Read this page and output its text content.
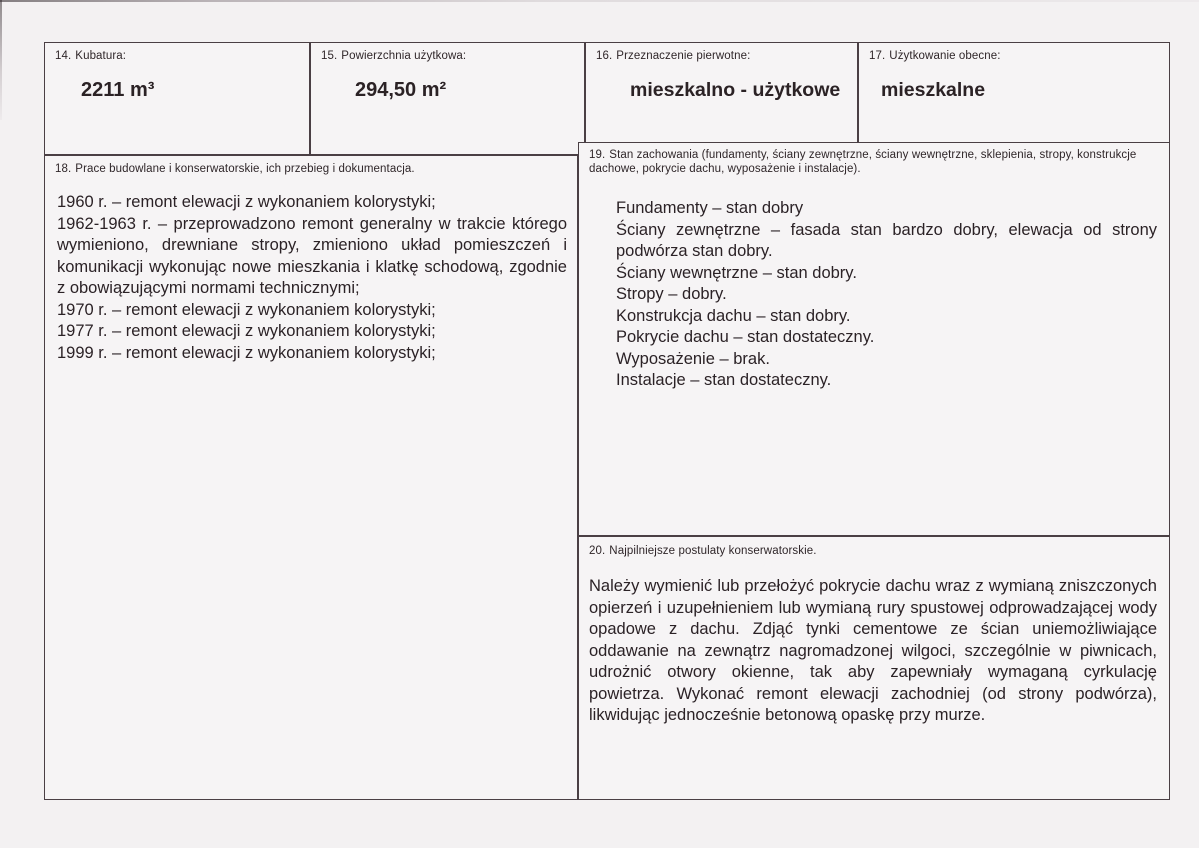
14. Kubatura:
2211 m³
15. Powierzchnia użytkowa:
294,50 m²
16. Przeznaczenie pierwotne:
mieszkalno - użytkowe
17. Użytkowanie obecne:
mieszkalne
18. Prace budowlane i konserwatorskie, ich przebieg i dokumentacja.

1960 r. – remont elewacji z wykonaniem kolorystyki;

1962-1963 r. – przeprowadzono remont generalny w trakcie którego wymieniono, drewniane stropy, zmieniono układ pomieszczeń i komunikacji wykonując nowe mieszkania i klatkę schodową, zgodnie z obowiązującymi normami technicznymi;

1970 r. – remont elewacji z wykonaniem kolorystyki;

1977 r. – remont elewacji z wykonaniem kolorystyki;

1999 r. – remont elewacji z wykonaniem kolorystyki;

19. Stan zachowania (fundamenty, ściany zewnętrzne, ściany wewnętrzne, sklepienia, stropy, konstrukcje dachowe, pokrycie dachu, wyposażenie i instalacje).

Fundamenty – stan dobry

Ściany zewnętrzne – fasada stan bardzo dobry, elewacja od strony podwórza stan dobry.

Ściany wewnętrzne – stan dobry.

Stropy – dobry.

Konstrukcja dachu – stan dobry.

Pokrycie dachu – stan dostateczny.

Wyposażenie – brak.

Instalacje – stan dostateczny.

20. Najpilniejsze postulaty konserwatorskie.

Należy wymienić lub przełożyć pokrycie dachu wraz z wymianą zniszczonych opierzeń i uzupełnieniem lub wymianą rury spustowej odprowadzającej wody opadowe z dachu. Zdjąć tynki cementowe ze ścian uniemożliwiające oddawanie na zewnątrz nagromadzonej wilgoci, szczególnie w piwnicach, udrożnić otwory okienne, tak aby zapewniały wymaganą cyrkulację powietrza. Wykonać remont elewacji zachodniej (od strony podwórza), likwidując jednocześnie betonową opaskę przy murze.
